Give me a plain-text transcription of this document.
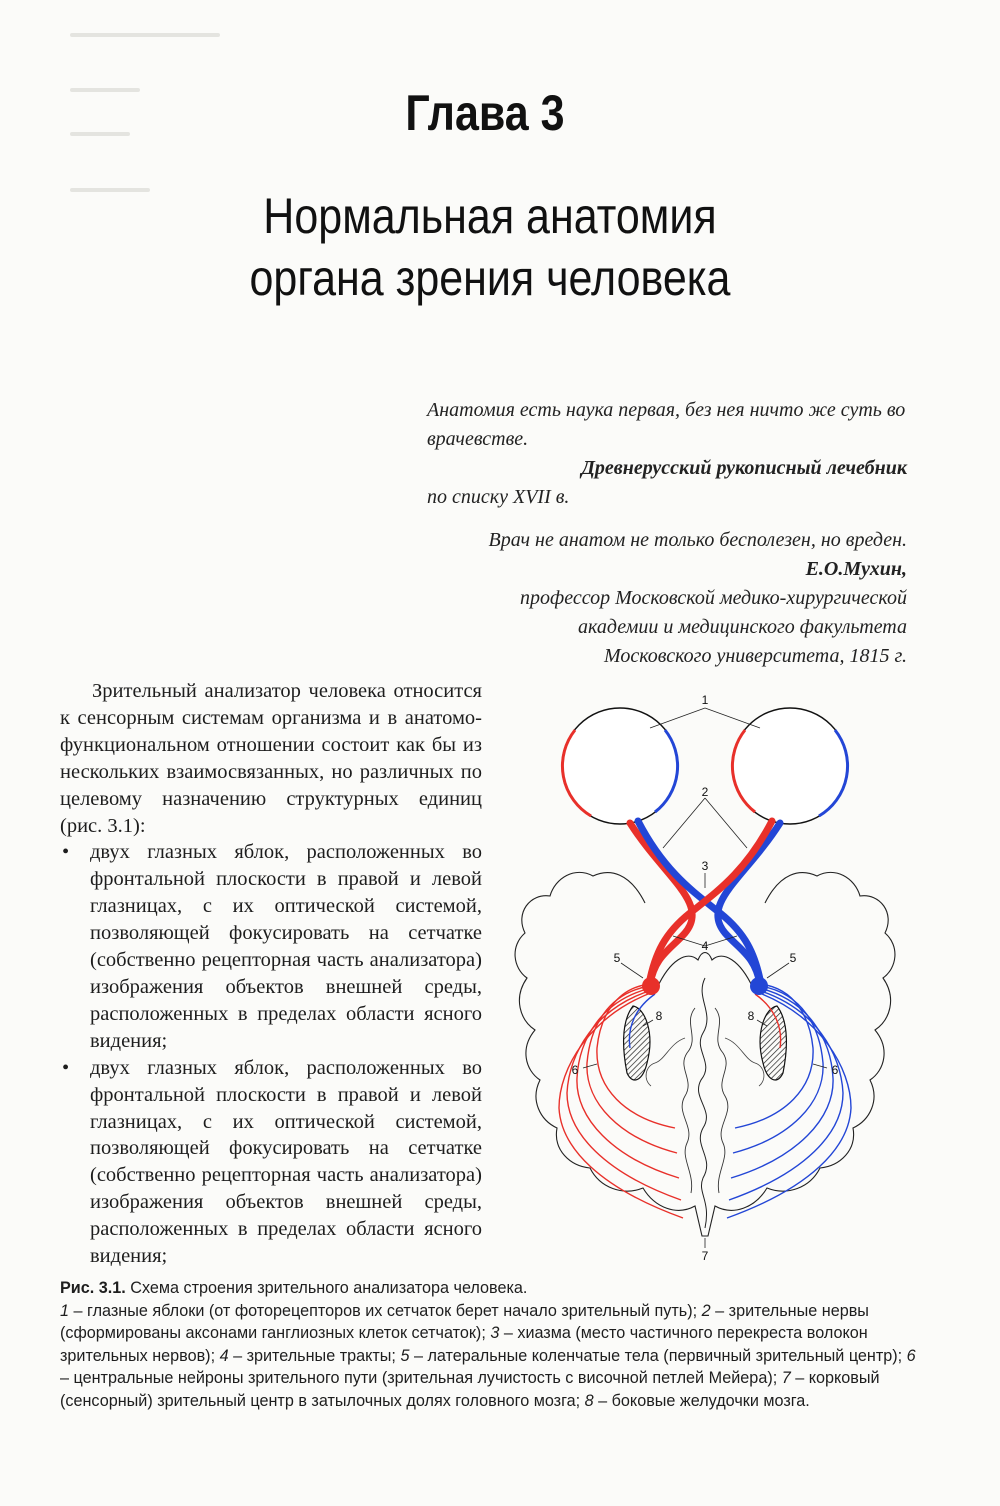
Глава 3
Нормальная анатомия
органа зрения человека
Анатомия есть наука первая, без нея ничто же суть во врачевстве.
Древнерусский рукописный лечебник
по списку XVII в.
Врач не анатом не только бесполезен, но вреден.
Е.О.Мухин,
профессор Московской медико-хирургической
академии и медицинского факультета
Московского университета, 1815 г.

Зрительный анализатор человека относится к сенсорным системам организма и в анатомо-функциональном отношении состоит как бы из нескольких взаимосвязанных, но различных по целевому назначению структурных единиц (рис. 3.1):

• двух глазных яблок, расположенных во фронтальной плоскости в правой и левой глазницах, с их оптической системой, позволяющей фокусировать на сетчатке (собственно рецепторная часть анализатора) изображения объектов внешней среды, расположенных в пределах области ясного видения;
• двух глазных яблок, расположенных во фронтальной плоскости в правой и левой глазницах, с их оптической системой, позволяющей фокусировать на сетчатке (собственно рецепторная часть анализатора) изображения объектов внешней среды, расположенных в пределах области ясного видения;
1
2
3
4
5	5
6	6
7
8	8
Рис. 3.1. Схема строения зрительного анализатора человека.
1 – глазные яблоки (от фоторецепторов их сетчаток берет начало зрительный путь); 2 – зрительные нервы (сформированы аксонами ганглиозных клеток сетчаток); 3 – хиазма (место частичного перекреста волокон зрительных нервов); 4 – зрительные тракты; 5 – латеральные коленчатые тела (первичный зрительный центр); 6 – центральные нейроны зрительного пути (зрительная лучистость с височной петлей Мейера); 7 – корковый (сенсорный) зрительный центр в затылочных долях головного мозга; 8 – боковые желудочки мозга.
